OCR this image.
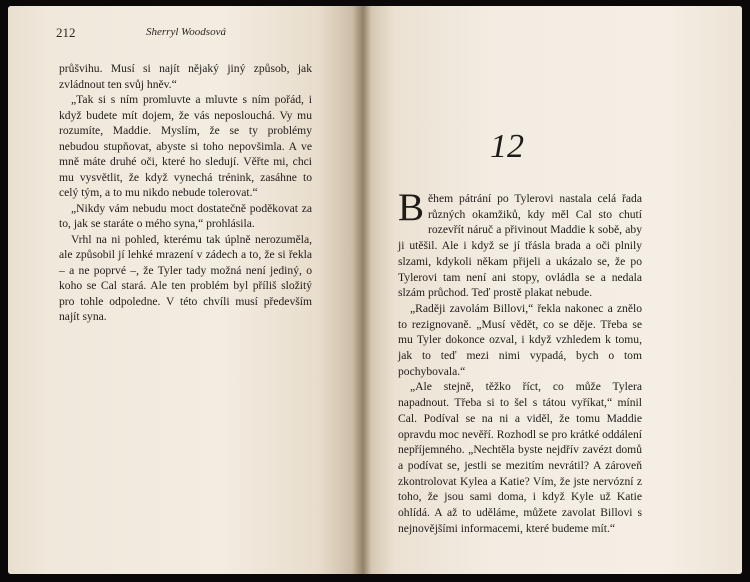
212	Sherryl Woodsová

průšvihu. Musí si najít nějaký jiný způsob, jak zvládnout ten svůj hněv.“

„Tak si s ním promluvte a mluvte s ním pořád, i když budete mít dojem, že vás neposlouchá. Vy mu rozumíte, Maddie. Myslím, že se ty problémy nebudou stupňovat, abyste si toho nepovšimla. A ve mně máte druhé oči, které ho sledují. Věřte mi, chci mu vysvětlit, že když vynechá trénink, zasáhne to celý tým, a to mu nikdo nebude tolerovat.“

„Nikdy vám nebudu moct dostatečně poděkovat za to, jak se staráte o mého syna,“ prohlásila.

Vrhl na ni pohled, kterému tak úplně nerozuměla, ale způsobil jí lehké mrazení v zádech a to, že si řekla – a ne poprvé –, že Tyler tady možná není jediný, o koho se Cal stará. Ale ten problém byl příliš složitý pro tohle odpoledne. V této chvíli musí především najít syna.

12

Během pátrání po Tylerovi nastala celá řada různých okamžiků, kdy měl Cal sto chutí rozevřít náruč a přivinout Maddie k sobě, aby ji utěšil. Ale i když se jí třásla brada a oči plnily slzami, kdykoli někam přijeli a ukázalo se, že po Tylerovi tam není ani stopy, ovládla se a nedala slzám průchod. Teď prostě plakat nebude.

„Raději zavolám Billovi,“ řekla nakonec a znělo to rezignovaně. „Musí vědět, co se děje. Třeba se mu Tyler dokonce ozval, i když vzhledem k tomu, jak to teď mezi nimi vypadá, bych o tom pochybovala.“

„Ale stejně, těžko říct, co může Tylera napadnout. Třeba si to šel s tátou vyříkat,“ mínil Cal. Podíval se na ni a viděl, že tomu Maddie opravdu moc nevěří. Rozhodl se pro krátké oddálení nepříjemného. „Nechtěla byste nejdřív zavézt domů a podívat se, jestli se mezitím nevrátil? A zároveň zkontrolovat Kylea a Katie? Vím, že jste nervózní z toho, že jsou sami doma, i když Kyle už Katie ohlídá. A až to uděláme, můžete zavolat Billovi s nejnovějšími informacemi, které budeme mít.“
